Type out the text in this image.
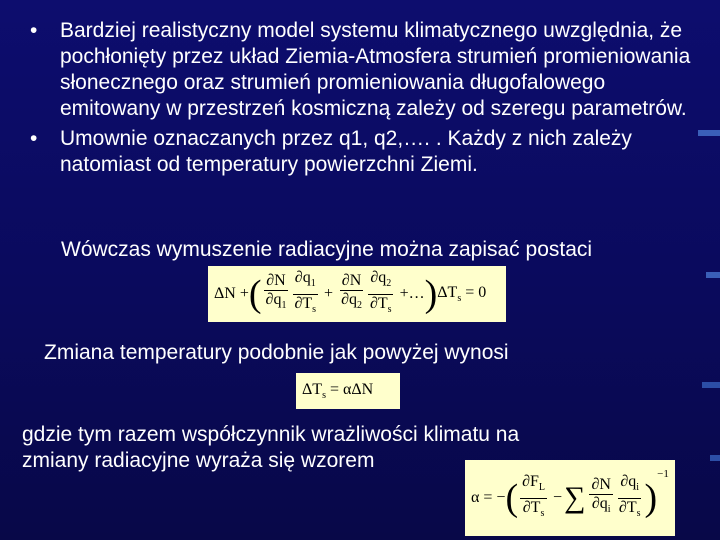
• Bardziej realistyczny model systemu klimatycznego uwzględnia, że pochłonięty przez układ Ziemia-Atmosfera strumień promieniowania słonecznego oraz strumień promieniowania długofalowego emitowany w przestrzeń kosmiczną zależy od szeregu parametrów.
• Umownie oznaczanych przez q1, q2,…. . Każdy z nich zależy natomiast od temperatury powierzchni Ziemi.
Wówczas wymuszenie radiacyjne można zapisać postaci
ΔN + ( $\frac{\partial N}{\partial q_1} \frac{\partial q_1}{\partial T_s} + \frac{\partial N}{\partial q_2} \frac{\partial q_2}{\partial T_s}$ +… ) $\Delta T_s = 0$
Zmiana temperatury podobnie jak powyżej wynosi
$\Delta T_s = \alpha\Delta N$
gdzie tym razem współczynnik wrażliwości klimatu na
zmiany radiacyjne wyraża się wzorem
α = − ( $\frac{\partial F_L}{\partial T_s}$ − ∑ $\frac{\partial N}{\partial q_i} \frac{\partial q_i}{\partial T_s}$ )
−1
